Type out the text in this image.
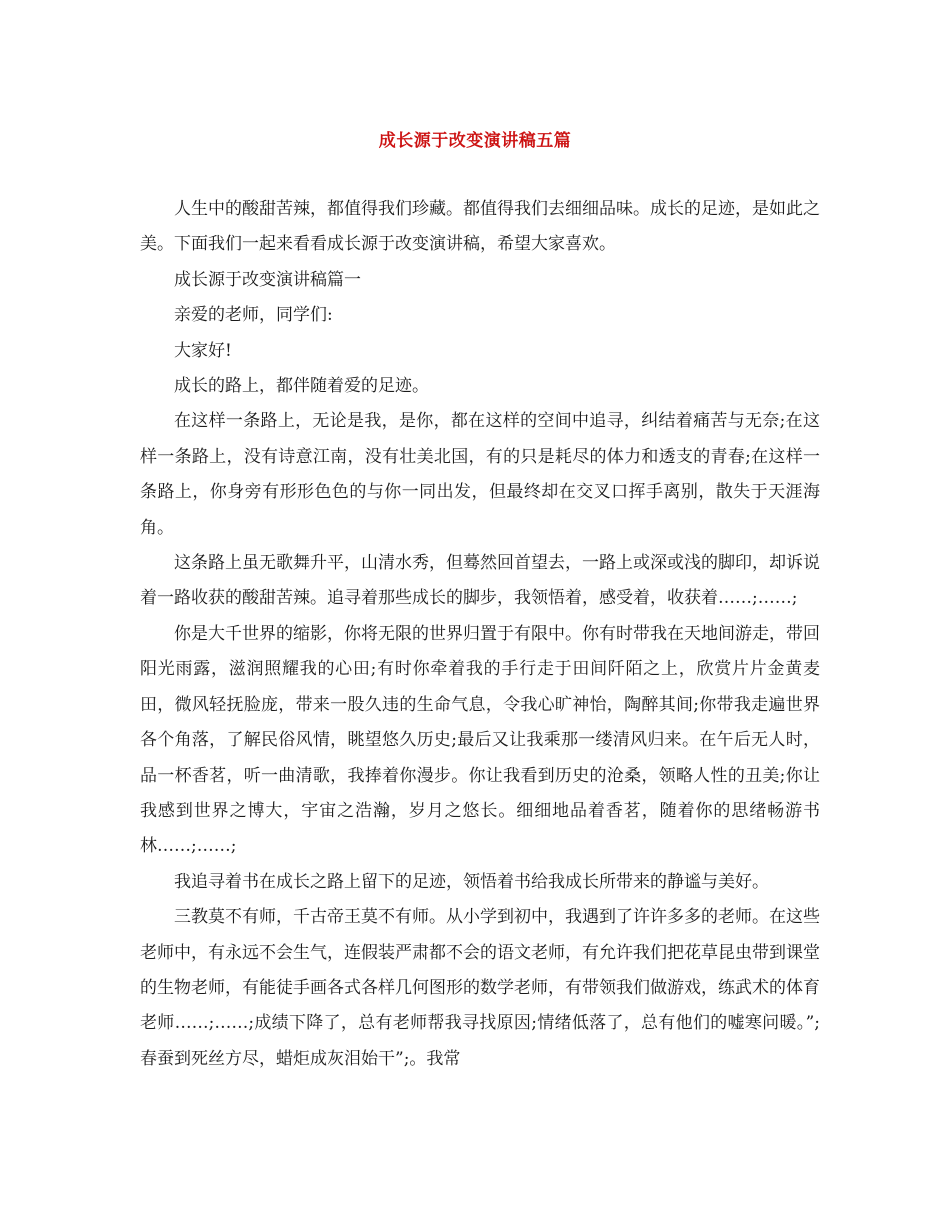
成长源于改变演讲稿五篇

人生中的酸甜苦辣，都值得我们珍藏。都值得我们去细细品味。成长的足迹，是如此之美。下面我们一起来看看成长源于改变演讲稿，希望大家喜欢。

成长源于改变演讲稿篇一

亲爱的老师，同学们:

大家好!

成长的路上，都伴随着爱的足迹。

在这样一条路上，无论是我，是你，都在这样的空间中追寻，纠结着痛苦与无奈;在这样一条路上，没有诗意江南，没有壮美北国，有的只是耗尽的体力和透支的青春;在这样一条路上，你身旁有形形色色的与你一同出发，但最终却在交叉口挥手离别，散失于天涯海角。

这条路上虽无歌舞升平，山清水秀，但蓦然回首望去，一路上或深或浅的脚印，却诉说着一路收获的酸甜苦辣。追寻着那些成长的脚步，我领悟着，感受着，收获着……;……;

你是大千世界的缩影，你将无限的世界归置于有限中。你有时带我在天地间游走，带回阳光雨露，滋润照耀我的心田;有时你牵着我的手行走于田间阡陌之上，欣赏片片金黄麦田，微风轻抚脸庞，带来一股久违的生命气息，令我心旷神怡，陶醉其间;你带我走遍世界各个角落，了解民俗风情，眺望悠久历史;最后又让我乘那一缕清风归来。在午后无人时，品一杯香茗，听一曲清歌，我捧着你漫步。你让我看到历史的沧桑，领略人性的丑美;你让我感到世界之博大，宇宙之浩瀚，岁月之悠长。细细地品着香茗，随着你的思绪畅游书林……;……;

我追寻着书在成长之路上留下的足迹，领悟着书给我成长所带来的静谧与美好。

三教莫不有师，千古帝王莫不有师。从小学到初中，我遇到了许许多多的老师。在这些老师中，有永远不会生气，连假装严肃都不会的语文老师，有允许我们把花草昆虫带到课堂的生物老师，有能徒手画各式各样几何图形的数学老师，有带领我们做游戏，练武术的体育老师……;……;成绩下降了，总有老师帮我寻找原因;情绪低落了，总有他们的嘘寒问暖。”;春蚕到死丝方尽，蜡炬成灰泪始干”;。我常
